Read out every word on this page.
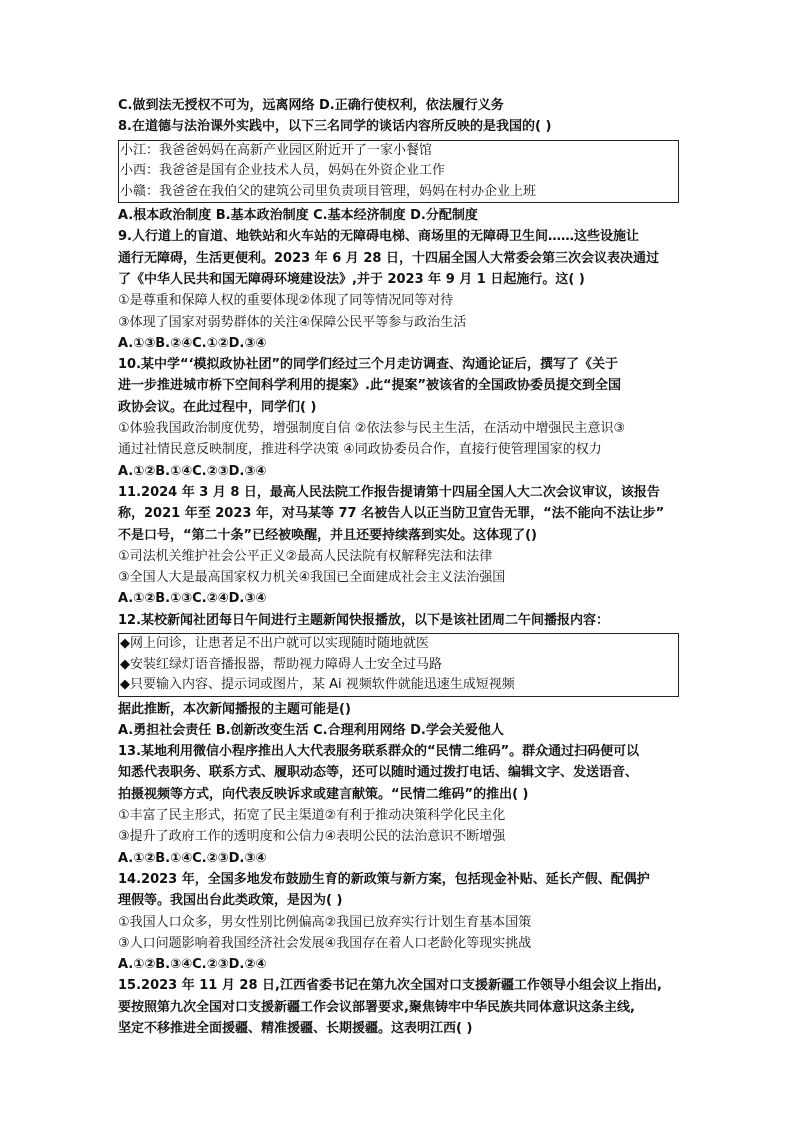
C.做到法无授权不可为，远离网络 D.正确行使权利，依法履行义务
8.在道德与法治课外实践中，以下三名同学的谈话内容所反映的是我国的( )
小江：我爸爸妈妈在高新产业园区附近开了一家小餐馆
小西：我爸爸是国有企业技术人员，妈妈在外资企业工作
小赣：我爸爸在我伯父的建筑公司里负责项目管理，妈妈在村办企业上班
A.根本政治制度 B.基本政治制度 C.基本经济制度 D.分配制度
9.人行道上的盲道、地铁站和火车站的无障碍电梯、商场里的无障碍卫生间……这些设施让
通行无障碍，生活更便利。2023 年 6 月 28 日，十四届全国人大常委会第三次会议表决通过
了《中华人民共和国无障碍环境建设法》,并于 2023 年 9 月 1 日起施行。这( )
①是尊重和保障人权的重要体现②体现了同等情况同等对待
③体现了国家对弱势群体的关注④保障公民平等参与政治生活
A.①③B.②④C.①②D.③④
10.某中学“‘模拟政协社团”的同学们经过三个月走访调查、沟通论证后，撰写了《关于
进一步推进城市桥下空间科学利用的提案》.此“提案”被该省的全国政协委员提交到全国
政协会议。在此过程中，同学们( )
①体验我国政治制度优势，增强制度自信 ②依法参与民主生活，在活动中增强民主意识③
通过社情民意反映制度，推进科学决策 ④同政协委员合作，直接行使管理国家的权力
A.①②B.①④C.②③D.③④
11.2024 年 3 月 8 日，最高人民法院工作报告提请第十四届全国人大二次会议审议，该报告
称，2021 年至 2023 年，对马某等 77 名被告人以正当防卫宣告无罪，“法不能向不法让步”
不是口号，“第二十条”已经被唤醒，并且还要持续落到实处。这体现了()
①司法机关维护社会公平正义②最高人民法院有权解释宪法和法律
③全国人大是最高国家权力机关④我国已全面建成社会主义法治强国
A.①②B.①③C.②④D.③④
12.某校新闻社团每日午间进行主题新闻快报播放，以下是该社团周二午间播报内容：
◆网上问诊，让患者足不出户就可以实现随时随地就医
◆安装红绿灯语音播报器，帮助视力障碍人士安全过马路
◆只要输入内容、提示词或图片，某 Ai 视频软件就能迅速生成短视频
据此推断，本次新闻播报的主题可能是()
A.勇担社会责任 B.创新改变生活 C.合理利用网络 D.学会关爱他人
13.某地利用微信小程序推出人大代表服务联系群众的“民情二维码”。群众通过扫码便可以
知悉代表职务、联系方式、履职动态等，还可以随时通过拨打电话、编辑文字、发送语音、
拍摄视频等方式，向代表反映诉求或建言献策。“民情二维码”的推出( )
①丰富了民主形式，拓宽了民主渠道②有利于推动决策科学化民主化
③提升了政府工作的透明度和公信力④表明公民的法治意识不断增强
A.①②B.①④C.②③D.③④
14.2023 年，全国多地发布鼓励生育的新政策与新方案，包括现金补贴、延长产假、配偶护
理假等。我国出台此类政策，是因为( )
①我国人口众多，男女性别比例偏高②我国已放弃实行计划生育基本国策
③人口问题影响着我国经济社会发展④我国存在着人口老龄化等现实挑战
A.①②B.③④C.②③D.②④
15.2023 年 11 月 28 日,江西省委书记在第九次全国对口支援新疆工作领导小组会议上指出,
要按照第九次全国对口支援新疆工作会议部署要求,聚焦铸牢中华民族共同体意识这条主线,
坚定不移推进全面援疆、精准援疆、长期援疆。这表明江西( )
